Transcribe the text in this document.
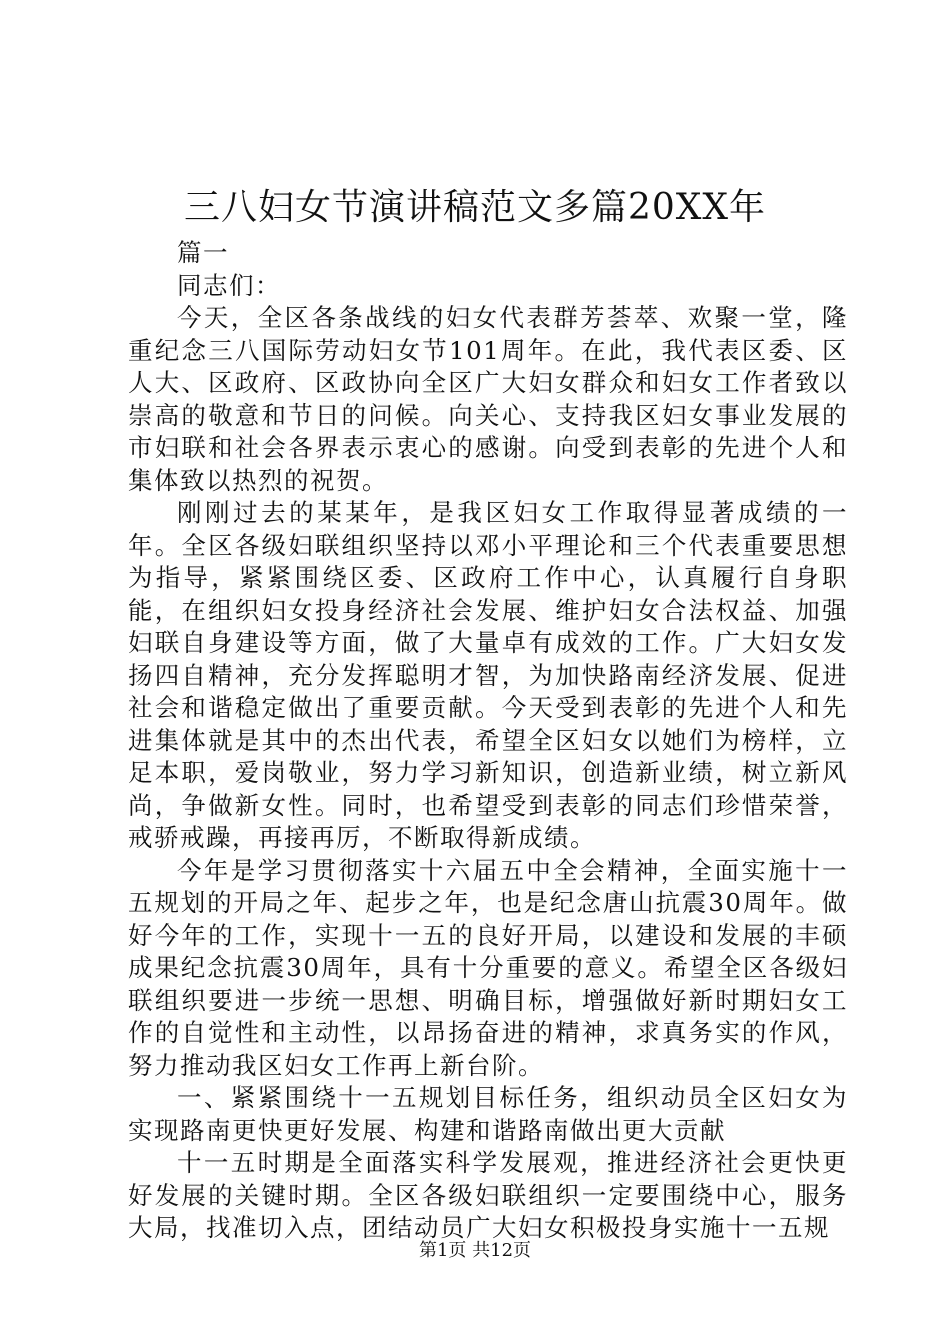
三八妇女节演讲稿范文多篇20XX年

篇一

同志们：

今天，全区各条战线的妇女代表群芳荟萃、欢聚一堂，隆重纪念三八国际劳动妇女节101周年。在此，我代表区委、区人大、区政府、区政协向全区广大妇女群众和妇女工作者致以崇高的敬意和节日的问候。向关心、支持我区妇女事业发展的市妇联和社会各界表示衷心的感谢。向受到表彰的先进个人和集体致以热烈的祝贺。

刚刚过去的某某年，是我区妇女工作取得显著成绩的一年。全区各级妇联组织坚持以邓小平理论和三个代表重要思想为指导，紧紧围绕区委、区政府工作中心，认真履行自身职能，在组织妇女投身经济社会发展、维护妇女合法权益、加强妇联自身建设等方面，做了大量卓有成效的工作。广大妇女发扬四自精神，充分发挥聪明才智，为加快路南经济发展、促进社会和谐稳定做出了重要贡献。今天受到表彰的先进个人和先进集体就是其中的杰出代表，希望全区妇女以她们为榜样，立足本职，爱岗敬业，努力学习新知识，创造新业绩，树立新风尚，争做新女性。同时，也希望受到表彰的同志们珍惜荣誉，戒骄戒躁，再接再厉，不断取得新成绩。

今年是学习贯彻落实十六届五中全会精神，全面实施十一五规划的开局之年、起步之年，也是纪念唐山抗震30周年。做好今年的工作，实现十一五的良好开局，以建设和发展的丰硕成果纪念抗震30周年，具有十分重要的意义。希望全区各级妇联组织要进一步统一思想、明确目标，增强做好新时期妇女工作的自觉性和主动性，以昂扬奋进的精神，求真务实的作风，努力推动我区妇女工作再上新台阶。

一、紧紧围绕十一五规划目标任务，组织动员全区妇女为实现路南更快更好发展、构建和谐路南做出更大贡献

十一五时期是全面落实科学发展观，推进经济社会更快更好发展的关键时期。全区各级妇联组织一定要围绕中心，服务大局，找准切入点，团结动员广大妇女积极投身实施十一五规

第1页 共12页
